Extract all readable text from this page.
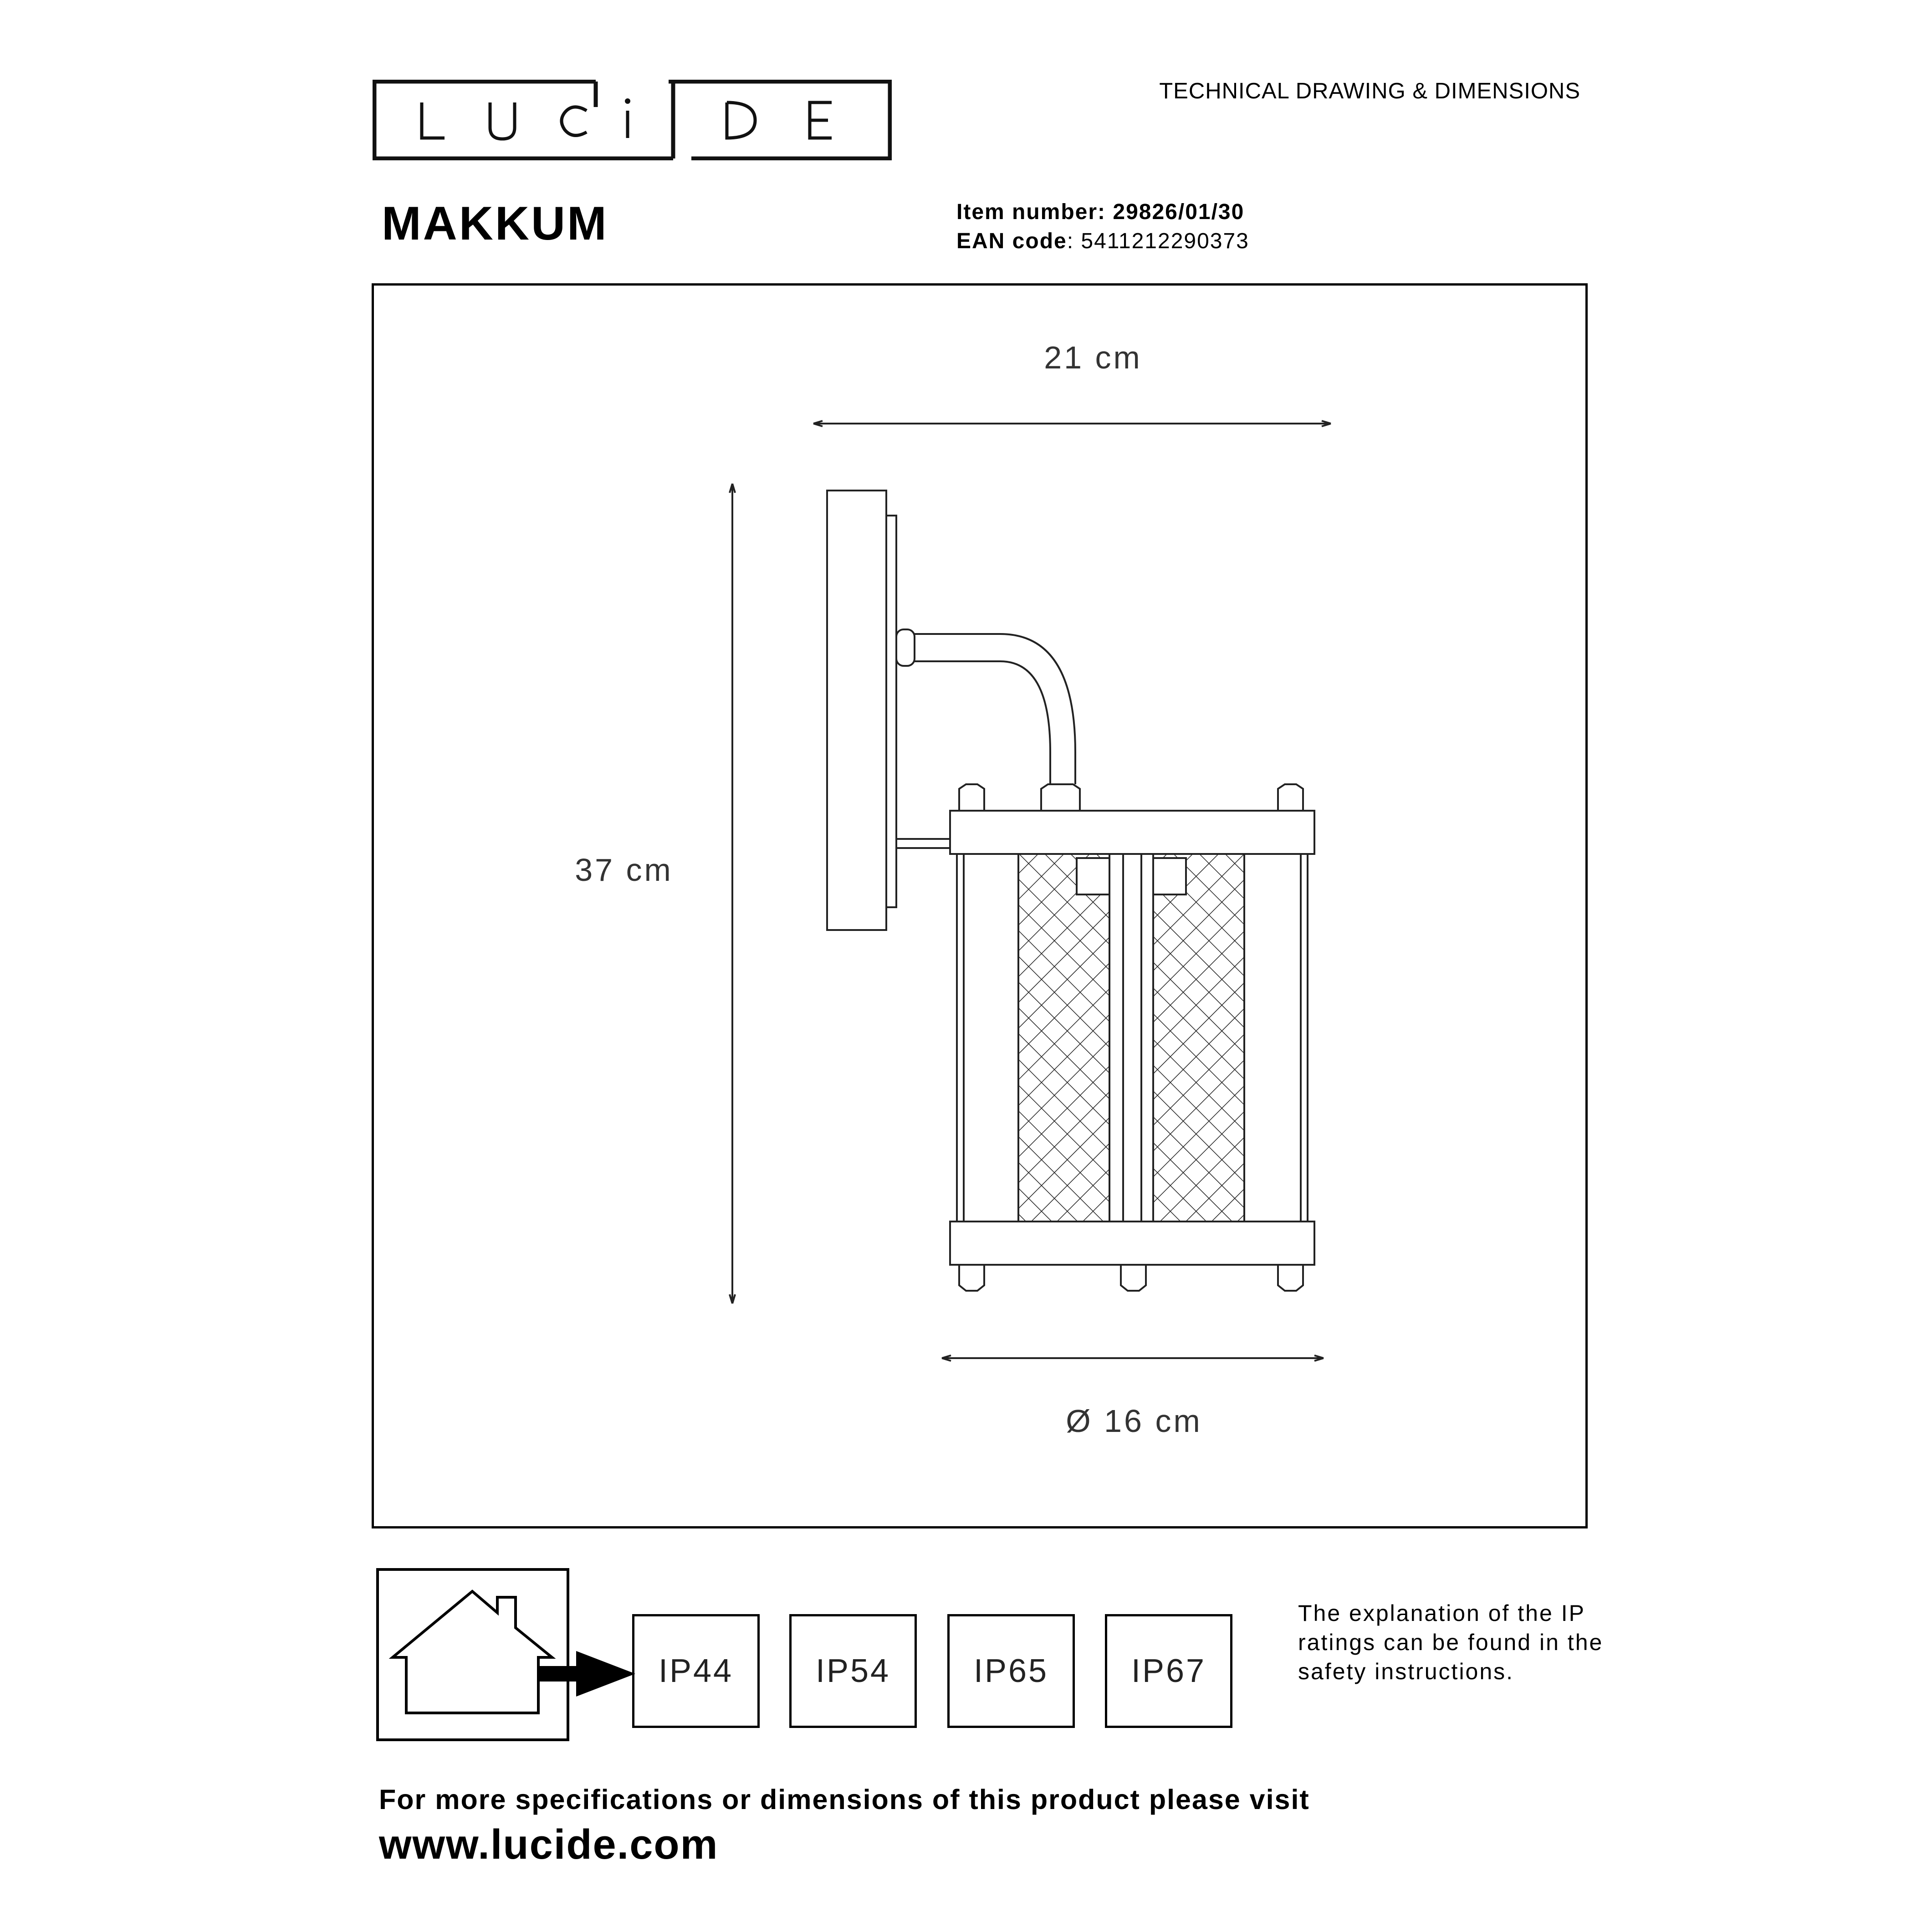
TECHNICAL DRAWING & DIMENSIONS
MAKKUM	Item number: 29826/01/30
EAN code: 5411212290373
21 cm
37 cm
Ø 16 cm
IP44	IP54	IP65	IP67
The explanation of the IP ratings can be found in the safety instructions.
For more specifications or dimensions of this product please visit
www.lucide.com
